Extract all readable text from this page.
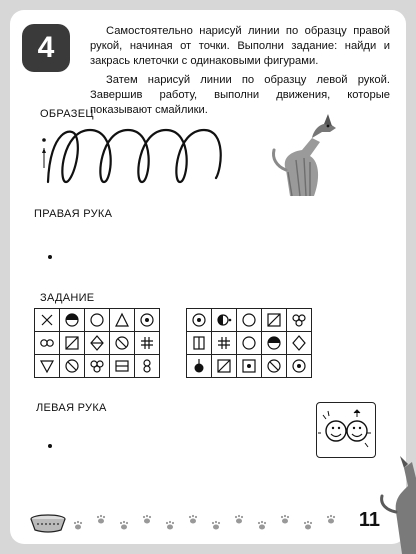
4	Самостоятельно нарисуй линии по образцу правой рукой, начиная от точки. Выполни задание: найди и закрась клеточки с одинаковыми фигурами.

Затем нарисуй линии по образцу левой рукой. Завершив работу, выполни движения, которые показывают смайлики.

ОБРАЗЕЦ
ПРАВАЯ РУКА
ЗАДАНИЕ

ЛЕВАЯ РУКА
11
